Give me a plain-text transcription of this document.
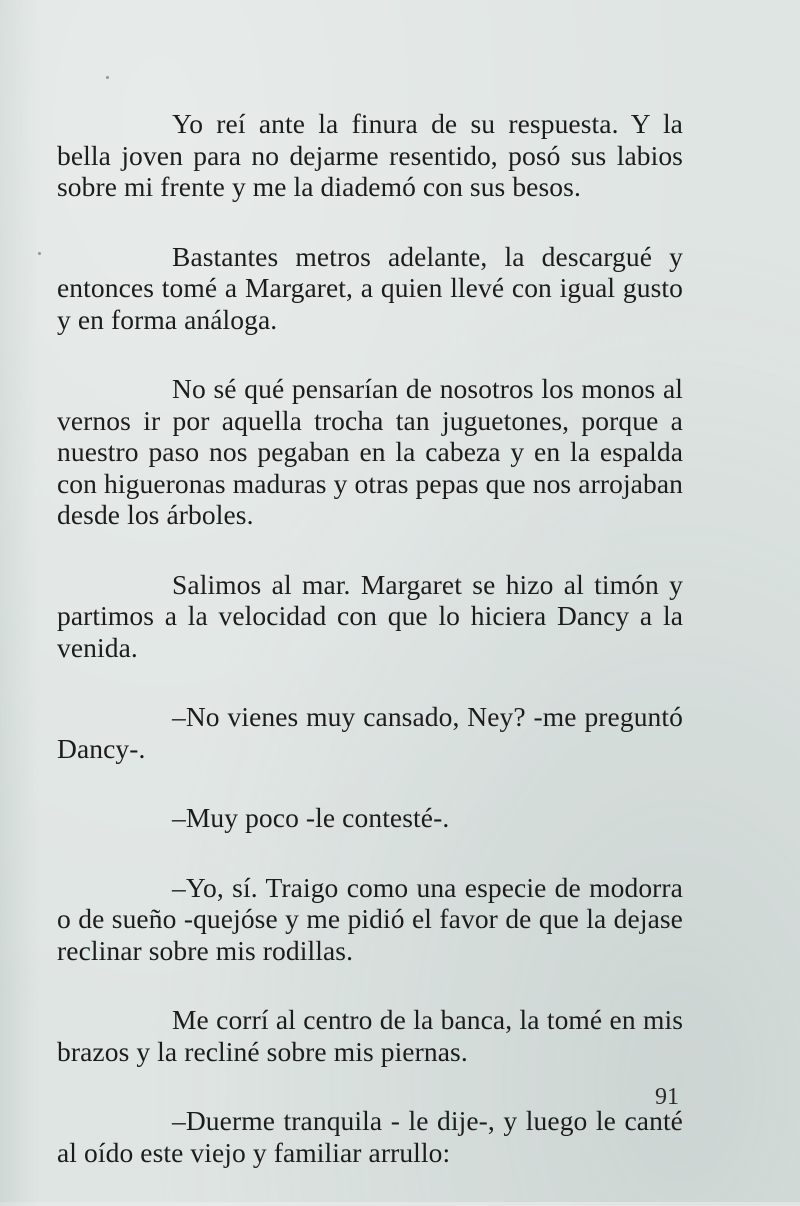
Yo reí ante la finura de su respuesta. Y la bella joven para no dejarme resentido, posó sus labios sobre mi frente y me la diademó con sus besos.

Bastantes metros adelante, la descargué y entonces tomé a Margaret, a quien llevé con igual gusto y en forma análoga.

No sé qué pensarían de nosotros los monos al vernos ir por aquella trocha tan juguetones, porque a nuestro paso nos pegaban en la cabeza y en la espalda con higueronas maduras y otras pepas que nos arrojaban desde los árboles.

Salimos al mar. Margaret se hizo al timón y partimos a la velocidad con que lo hiciera Dancy a la venida.

–No vienes muy cansado, Ney? -me preguntó Dancy-.

–Muy poco -le contesté-.

–Yo, sí. Traigo como una especie de modorra o de sueño -quejóse y me pidió el favor de que la dejase reclinar sobre mis rodillas.

Me corrí al centro de la banca, la tomé en mis brazos y la recliné sobre mis piernas.

–Duerme tranquila - le dije-, y luego le canté al oído este viejo y familiar arrullo:

91
